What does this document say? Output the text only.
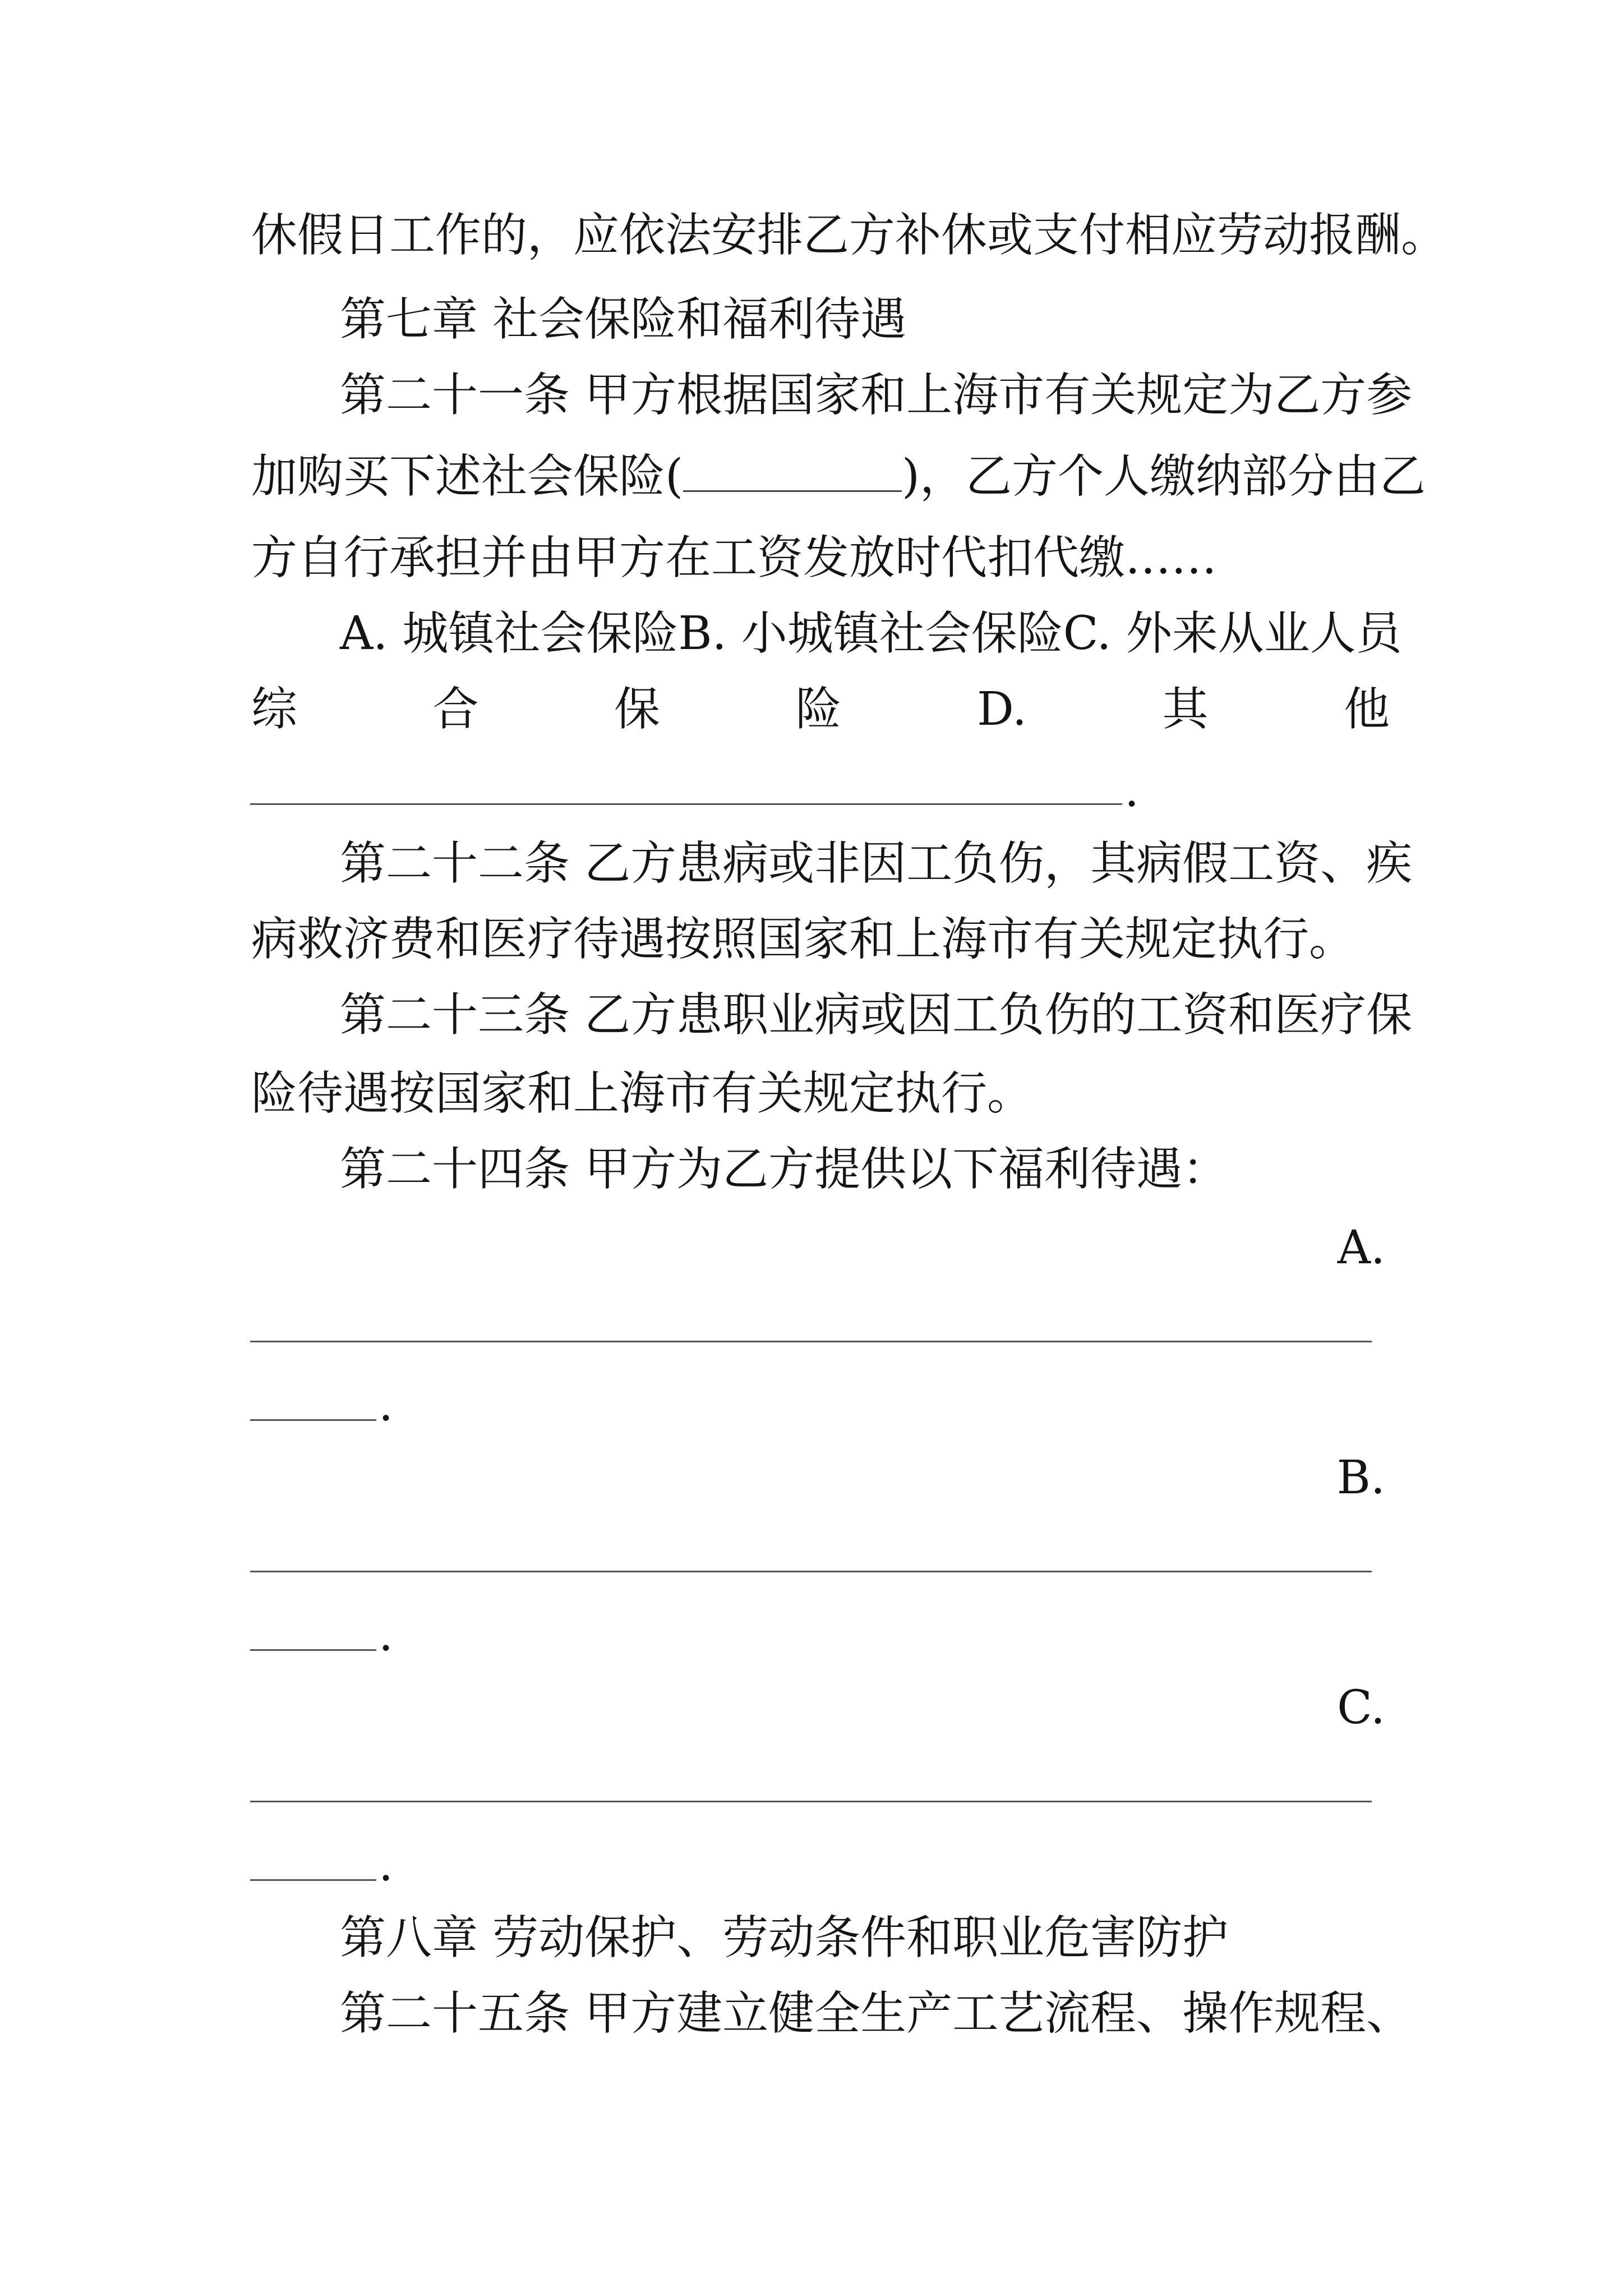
休假日工作的，应依法安排乙方补休或支付相应劳动报酬。
第七章 社会保险和福利待遇
第二十一条 甲方根据国家和上海市有关规定为乙方参
加购买下述社会保险(	)，乙方个人缴纳部分由乙
方自行承担并由甲方在工资发放时代扣代缴……
A. 城镇社会保险B. 小城镇社会保险C. 外来从业人员
综	合	保	险	D.	其	他
.
第二十二条 乙方患病或非因工负伤，其病假工资、疾
病救济费和医疗待遇按照国家和上海市有关规定执行。
第二十三条 乙方患职业病或因工负伤的工资和医疗保
险待遇按国家和上海市有关规定执行。
第二十四条 甲方为乙方提供以下福利待遇：
A.
.
B.
.
C.
.
第八章 劳动保护、劳动条件和职业危害防护
第二十五条 甲方建立健全生产工艺流程、操作规程、
